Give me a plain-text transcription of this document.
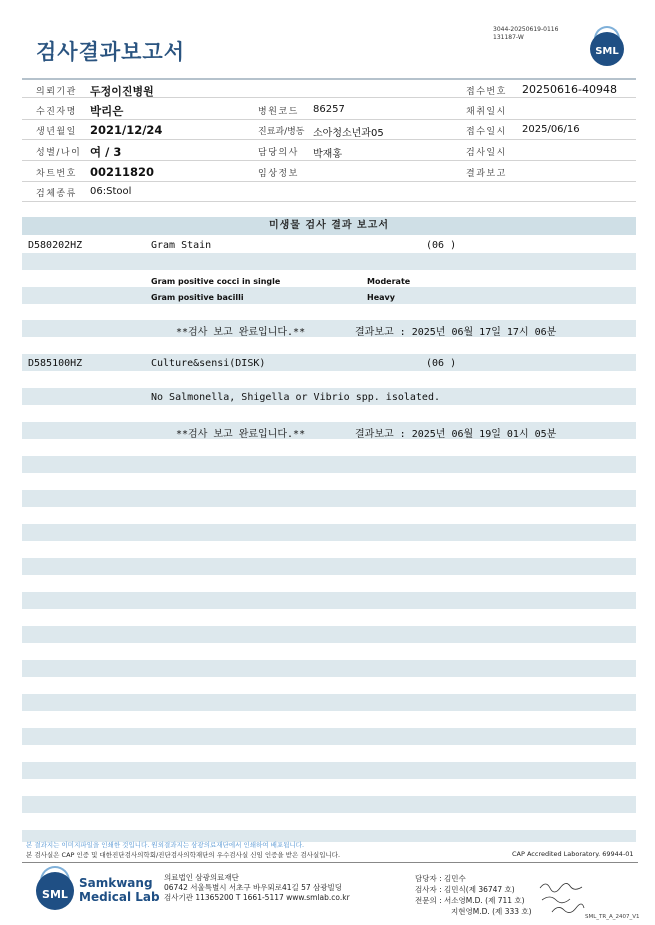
검사결과보고서
3044-20250619-0116
131187-W
SML
의뢰기관 두정이진병원	접수번호 20250616-40948
수진자명 박리은	병원코드 86257	채취일시
생년월일 2021/12/24	진료과/병동 소아청소년과05	접수일시 2025/06/16
성별/나이 여 / 3	담당의사 박재홍	검사일시
차트번호 00211820	임상정보	결과보고
검체종류 06:Stool
미생물 검사 결과 보고서
D580202HZ	Gram Stain	(06 )
Gram positive cocci in single	Moderate
Gram positive bacilli	Heavy
**검사 보고 완료입니다.**	결과보고 : 2025년 06월 17일 17시 06분
D585100HZ	Culture&sensi(DISK)	(06 )
No Salmonella, Shigella or Vibrio spp. isolated.
**검사 보고 완료입니다.**	결과보고 : 2025년 06월 19일 01시 05분
본 결과지는 이미지파일을 인쇄한 것입니다. 원외결과지는 삼광의료재단에서 인쇄하여 배포됩니다.
본 검사실은 CAP 인증 및 대한진단검사의학회/진단검사의학재단의 우수검사실 신임 인증을 받은 검사실입니다.	CAP Accredited Laboratory. 69944-01
SML
Samkwang
Medical Lab
의료법인 삼광의료재단
06742 서울특별시 서초구 바우뫼로41길 57 삼광빌딩
검사기관 11365200 T 1661-5117 www.smlab.co.kr
담당자 : 김민수
검사자 : 김민식(제 36747 호)
전문의 : 서소영M.D. (제 711 호)
지현영M.D. (제 333 호)
SML_TR_A_2407_V1
